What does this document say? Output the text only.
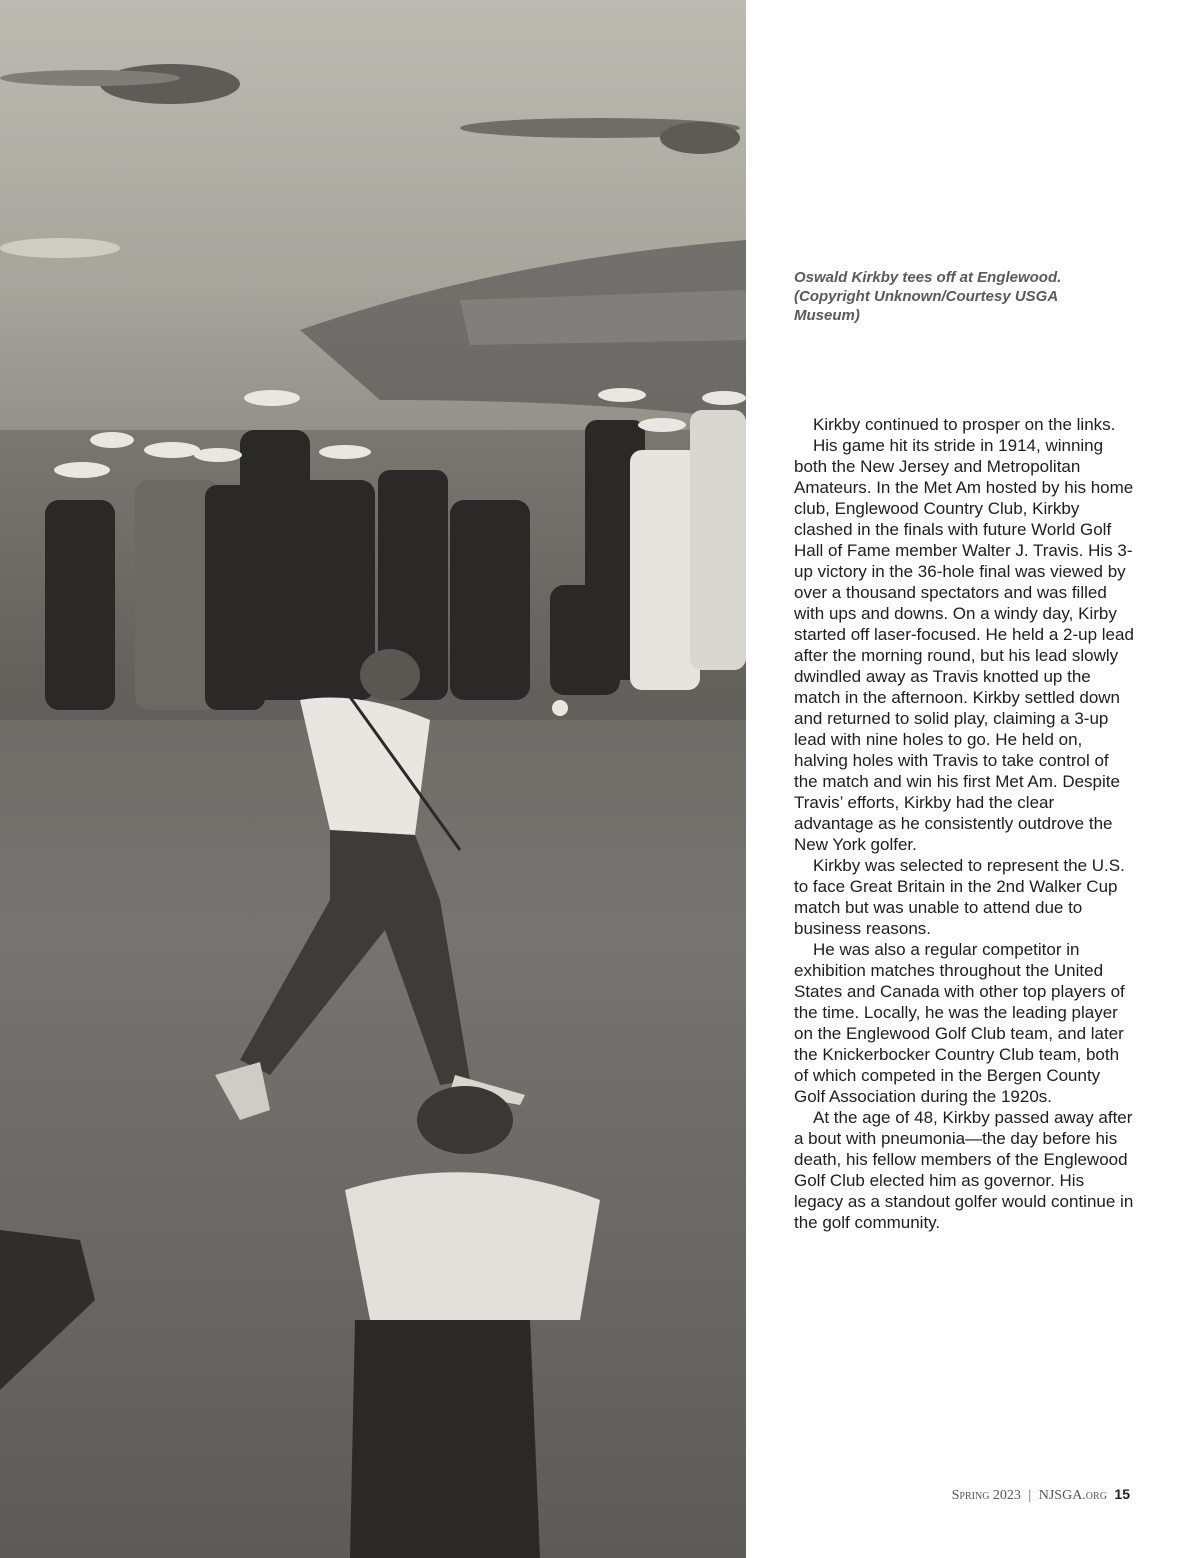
Oswald Kirkby tees off at Englewood. (Copyright Unknown/Courtesy USGA Museum)

Kirkby continued to prosper on the links.

His game hit its stride in 1914, winning both the New Jersey and Metropolitan Amateurs. In the Met Am hosted by his home club, Englewood Country Club, Kirkby clashed in the finals with future World Golf Hall of Fame member Walter J. Travis. His 3-up victory in the 36-hole final was viewed by over a thousand spectators and was filled with ups and downs. On a windy day, Kirby started off laser-focused. He held a 2-up lead after the morning round, but his lead slowly dwindled away as Travis knotted up the match in the afternoon. Kirkby settled down and returned to solid play, claiming a 3-up lead with nine holes to go. He held on, halving holes with Travis to take control of the match and win his first Met Am. Despite Travis’ efforts, Kirkby had the clear advantage as he consistently outdrove the New York golfer.

Kirkby was selected to represent the U.S. to face Great Britain in the 2nd Walker Cup match but was unable to attend due to business reasons.

He was also a regular competitor in exhibition matches throughout the United States and Canada with other top players of the time. Locally, he was the leading player on the Englewood Golf Club team, and later the Knickerbocker Country Club team, both of which competed in the Bergen County Golf Association during the 1920s.

At the age of 48, Kirkby passed away after a bout with pneumonia—the day before his death, his fellow members of the Englewood Golf Club elected him as governor. His legacy as a standout golfer would continue in the golf community.

Spring 2023 | NJSGA.org 15
